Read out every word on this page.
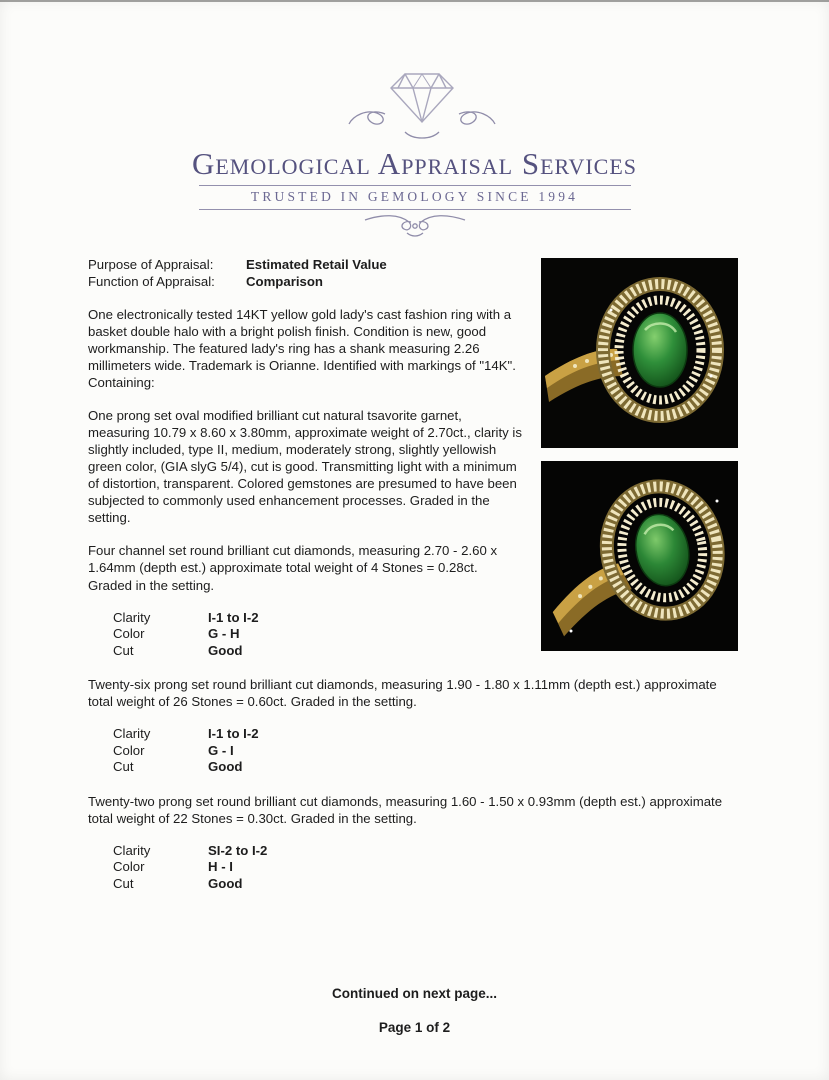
Gemological Appraisal Services
TRUSTED IN GEMOLOGY SINCE 1994
Purpose of Appraisal:	Estimated Retail Value
Function of Appraisal:	Comparison

One electronically tested 14KT yellow gold lady's cast fashion ring with a basket double halo with a bright polish finish. Condition is new, good workmanship. The featured lady's ring has a shank measuring 2.26 millimeters wide. Trademark is Orianne. Identified with markings of "14K". Containing:

One prong set oval modified brilliant cut natural tsavorite garnet, measuring 10.79 x 8.60 x 3.80mm, approximate weight of 2.70ct., clarity is slightly included, type II, medium, moderately strong, slightly yellowish green color, (GIA slyG 5/4), cut is good. Transmitting light with a minimum of distortion, transparent. Colored gemstones are presumed to have been subjected to commonly used enhancement processes. Graded in the setting.

Four channel set round brilliant cut diamonds, measuring 2.70 - 2.60 x 1.64mm (depth est.) approximate total weight of 4 Stones = 0.28ct. Graded in the setting.

Clarity	I-1 to I-2
Color	G - H
Cut	Good

Twenty-six prong set round brilliant cut diamonds, measuring 1.90 - 1.80 x 1.11mm (depth est.) approximate total weight of 26 Stones = 0.60ct. Graded in the setting.

Clarity	I-1 to I-2
Color	G - I
Cut	Good

Twenty-two prong set round brilliant cut diamonds, measuring 1.60 - 1.50 x 0.93mm (depth est.) approximate total weight of 22 Stones = 0.30ct. Graded in the setting.

Clarity	SI-2 to I-2
Color	H - I
Cut	Good
Continued on next page...
Page 1 of 2
